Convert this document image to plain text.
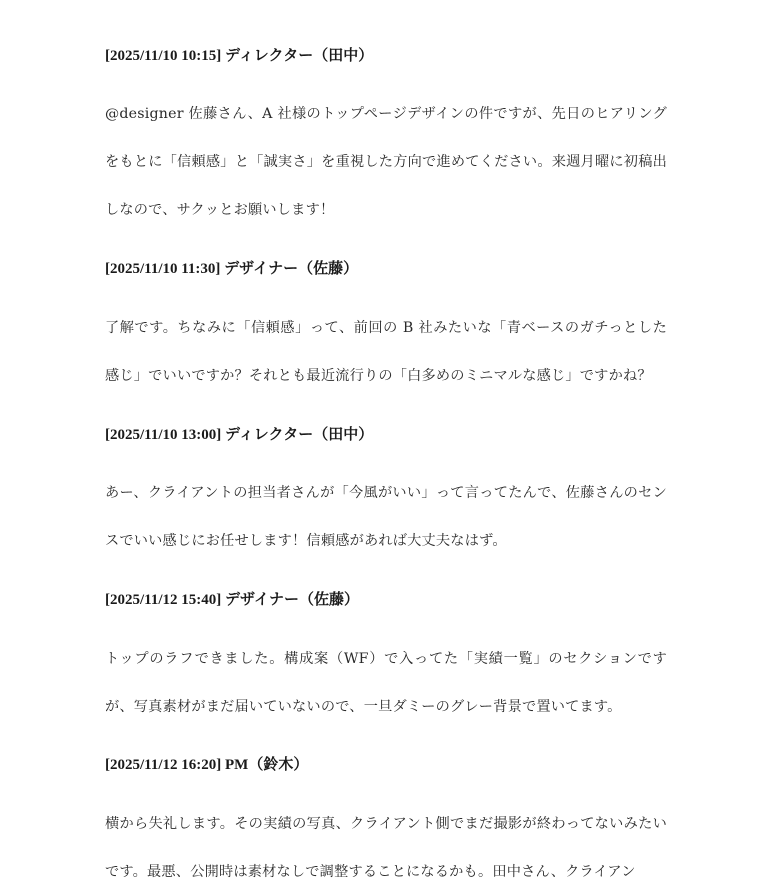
[2025/11/10 10:15] ディレクター（田中）

@designer 佐藤さん、A 社様のトップページデザインの件ですが、先日のヒアリングをもとに「信頼感」と「誠実さ」を重視した方向で進めてください。来週月曜に初稿出しなので、サクッとお願いします！

[2025/11/10 11:30] デザイナー（佐藤）

了解です。ちなみに「信頼感」って、前回の B 社みたいな「青ベースのガチっとした感じ」でいいですか？それとも最近流行りの「白多めのミニマルな感じ」ですかね？

[2025/11/10 13:00] ディレクター（田中）

あー、クライアントの担当者さんが「今風がいい」って言ってたんで、佐藤さんのセンスでいい感じにお任せします！信頼感があれば大丈夫なはず。

[2025/11/12 15:40] デザイナー（佐藤）

トップのラフできました。構成案（WF）で入ってた「実績一覧」のセクションですが、写真素材がまだ届いていないので、一旦ダミーのグレー背景で置いてます。

[2025/11/12 16:20] PM（鈴木）

横から失礼します。その実績の写真、クライアント側でまだ撮影が終わってないみたいです。最悪、公開時は素材なしで調整することになるかも。田中さん、クライアン
